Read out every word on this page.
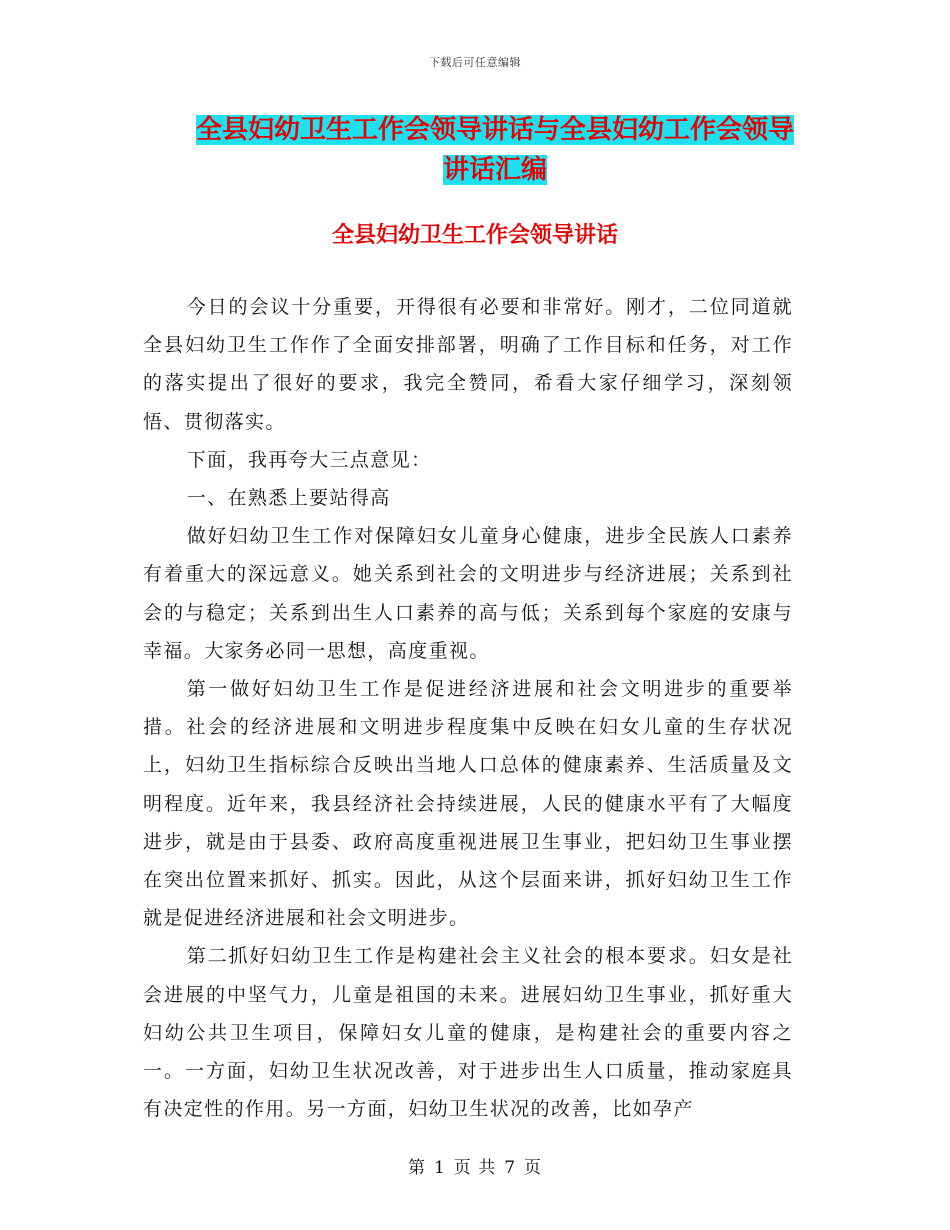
下载后可任意编辑
全县妇幼卫生工作会领导讲话与全县妇幼工作会领导讲话汇编
全县妇幼卫生工作会领导讲话

今日的会议十分重要，开得很有必要和非常好。刚才，二位同道就全县妇幼卫生工作作了全面安排部署，明确了工作目标和任务，对工作的落实提出了很好的要求，我完全赞同，希看大家仔细学习，深刻领悟、贯彻落实。

下面，我再夸大三点意见：

一、在熟悉上要站得高

做好妇幼卫生工作对保障妇女儿童身心健康，进步全民族人口素养有着重大的深远意义。她关系到社会的文明进步与经济进展；关系到社会的与稳定；关系到出生人口素养的高与低；关系到每个家庭的安康与幸福。大家务必同一思想，高度重视。

第一做好妇幼卫生工作是促进经济进展和社会文明进步的重要举措。社会的经济进展和文明进步程度集中反映在妇女儿童的生存状况上，妇幼卫生指标综合反映出当地人口总体的健康素养、生活质量及文明程度。近年来，我县经济社会持续进展，人民的健康水平有了大幅度进步，就是由于县委、政府高度重视进展卫生事业，把妇幼卫生事业摆在突出位置来抓好、抓实。因此，从这个层面来讲，抓好妇幼卫生工作就是促进经济进展和社会文明进步。

第二抓好妇幼卫生工作是构建社会主义社会的根本要求。妇女是社会进展的中坚气力，儿童是祖国的未来。进展妇幼卫生事业，抓好重大妇幼公共卫生项目，保障妇女儿童的健康，是构建社会的重要内容之一。一方面，妇幼卫生状况改善，对于进步出生人口质量，推动家庭具有决定性的作用。另一方面，妇幼卫生状况的改善，比如孕产

第 1 页 共 7 页
